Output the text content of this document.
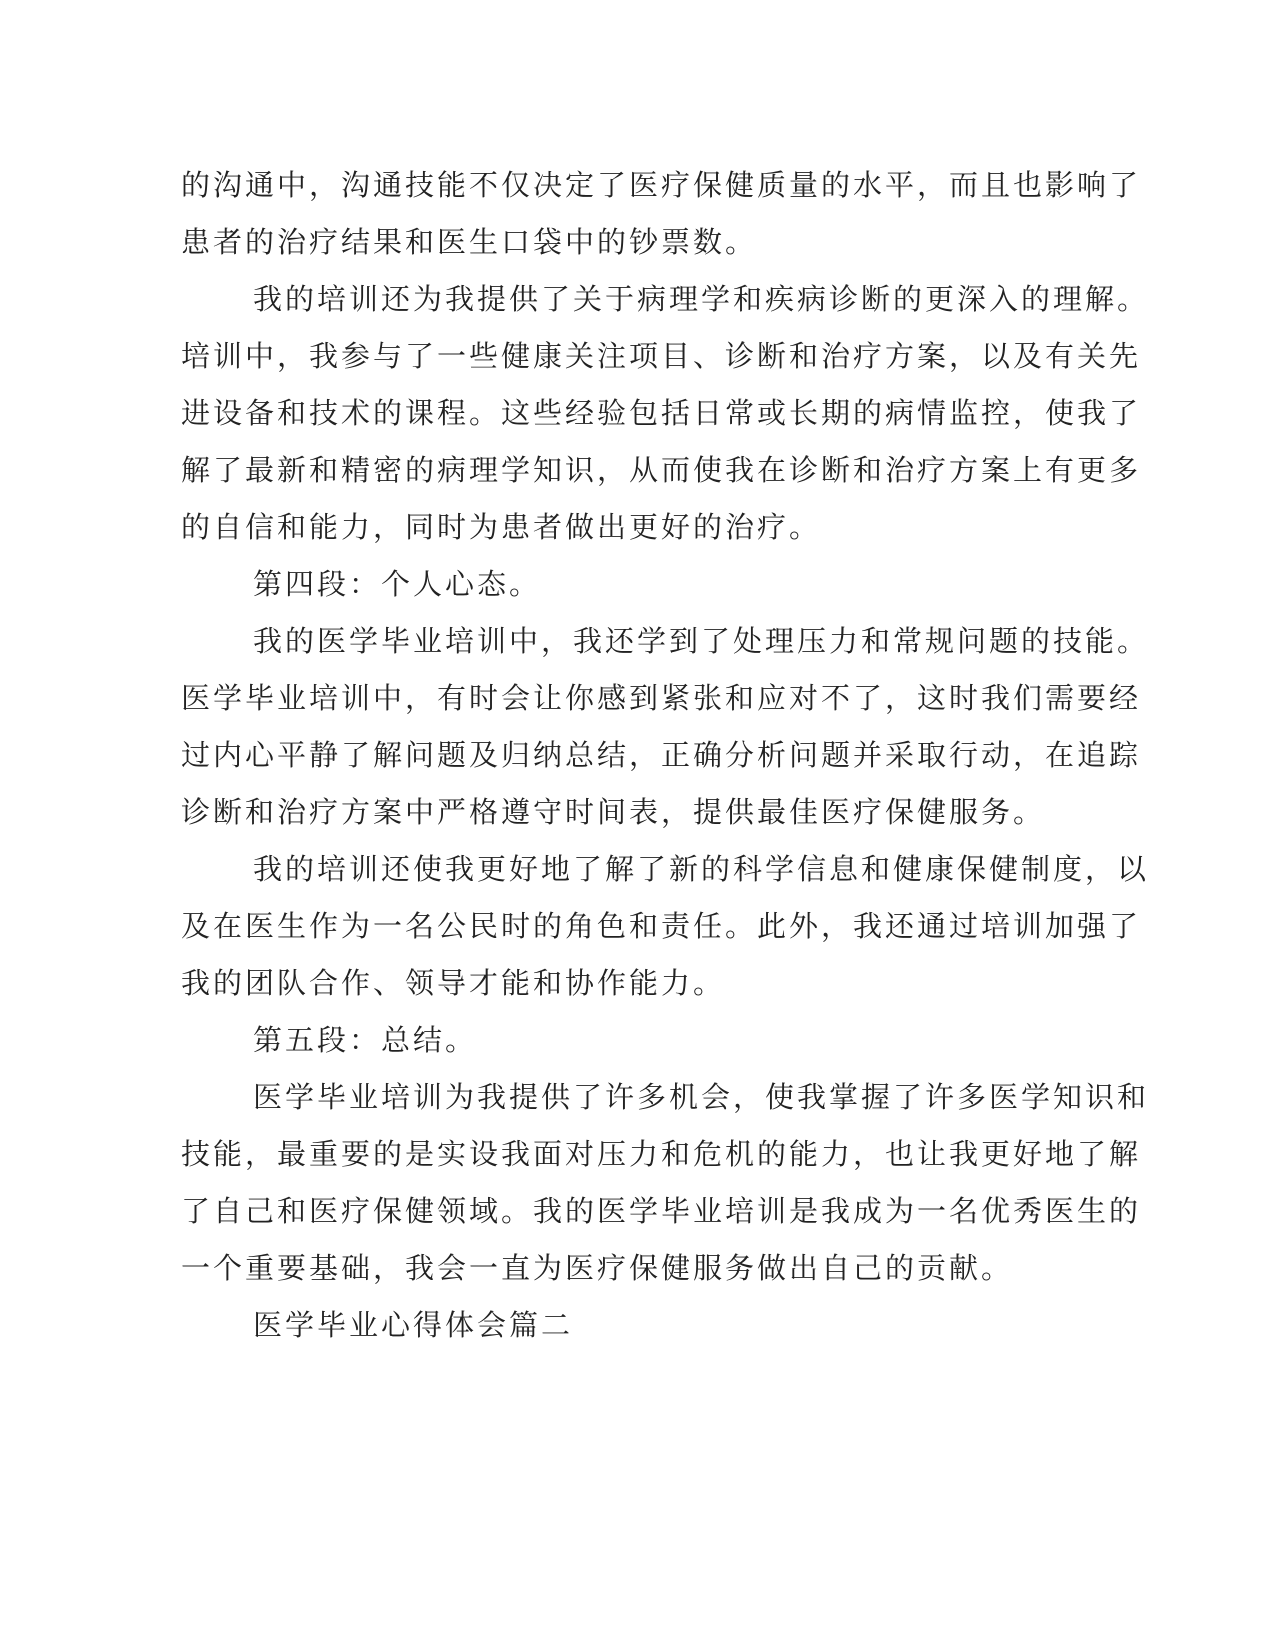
的沟通中，沟通技能不仅决定了医疗保健质量的水平，而且也影响了
患者的治疗结果和医生口袋中的钞票数。
我的培训还为我提供了关于病理学和疾病诊断的更深入的理解。
培训中，我参与了一些健康关注项目、诊断和治疗方案，以及有关先
进设备和技术的课程。这些经验包括日常或长期的病情监控，使我了
解了最新和精密的病理学知识，从而使我在诊断和治疗方案上有更多
的自信和能力，同时为患者做出更好的治疗。
第四段：个人心态。
我的医学毕业培训中，我还学到了处理压力和常规问题的技能。
医学毕业培训中，有时会让你感到紧张和应对不了，这时我们需要经
过内心平静了解问题及归纳总结，正确分析问题并采取行动，在追踪
诊断和治疗方案中严格遵守时间表，提供最佳医疗保健服务。
我的培训还使我更好地了解了新的科学信息和健康保健制度，以
及在医生作为一名公民时的角色和责任。此外，我还通过培训加强了
我的团队合作、领导才能和协作能力。
第五段：总结。
医学毕业培训为我提供了许多机会，使我掌握了许多医学知识和
技能，最重要的是实设我面对压力和危机的能力，也让我更好地了解
了自己和医疗保健领域。我的医学毕业培训是我成为一名优秀医生的
一个重要基础，我会一直为医疗保健服务做出自己的贡献。
医学毕业心得体会篇二
